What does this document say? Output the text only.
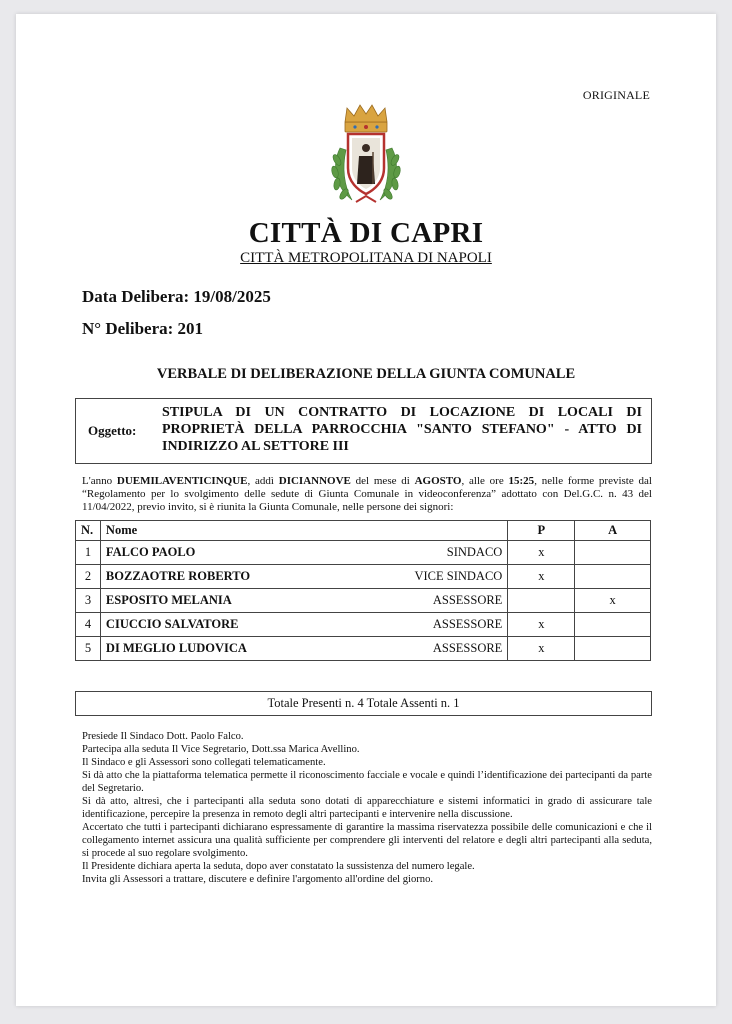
ORIGINALE
CITTÀ DI CAPRI
CITTÀ METROPOLITANA DI NAPOLI
Data Delibera: 19/08/2025
N° Delibera: 201
VERBALE DI DELIBERAZIONE DELLA GIUNTA COMUNALE
Oggetto:
STIPULA DI UN CONTRATTO DI LOCAZIONE DI LOCALI DI PROPRIETÀ DELLA PARROCCHIA "SANTO STEFANO" - ATTO DI INDIRIZZO AL SETTORE III
L'anno DUEMILAVENTICINQUE, addì DICIANNOVE del mese di AGOSTO, alle ore 15:25, nelle forme previste dal “Regolamento per lo svolgimento delle sedute di Giunta Comunale in videoconferenza” adottato con Del.G.C. n. 43 del 11/04/2022, previo invito, si è riunita la Giunta Comunale, nelle persone dei signori:
N.	Nome	P	A
1	FALCO PAOLO SINDACO	x	
2	BOZZAOTRE ROBERTO VICE SINDACO	x	
3	ESPOSITO MELANIA ASSESSORE		x
4	CIUCCIO SALVATORE ASSESSORE	x	
5	DI MEGLIO LUDOVICA ASSESSORE	x	
Totale Presenti n. 4 Totale Assenti n. 1

Presiede Il Sindaco Dott. Paolo Falco.

Partecipa alla seduta Il Vice Segretario, Dott.ssa Marica Avellino.

Il Sindaco e gli Assessori sono collegati telematicamente.

Si dà atto che la piattaforma telematica permette il riconoscimento facciale e vocale e quindi l’identificazione dei partecipanti da parte del Segretario.

Si dà atto, altresì, che i partecipanti alla seduta sono dotati di apparecchiature e sistemi informatici in grado di assicurare tale identificazione, percepire la presenza in remoto degli altri partecipanti e intervenire nella discussione.

Accertato che tutti i partecipanti dichiarano espressamente di garantire la massima riservatezza possibile delle comunicazioni e che il collegamento internet assicura una qualità sufficiente per comprendere gli interventi del relatore e degli altri partecipanti alla seduta, si procede al suo regolare svolgimento.

Il Presidente dichiara aperta la seduta, dopo aver constatato la sussistenza del numero legale.

Invita gli Assessori a trattare, discutere e definire l'argomento all'ordine del giorno.
